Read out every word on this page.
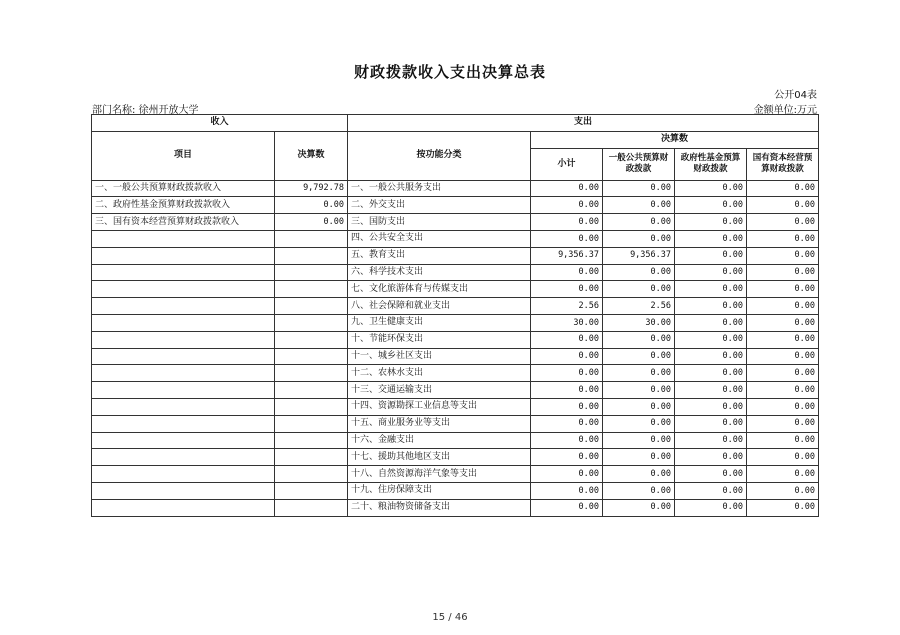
财政拨款收入支出决算总表
公开04表
部门名称: 徐州开放大学	金额单位:万元
收入		支出				
项目	决算数	按功能分类	决算数			
			小计	一般公共预算财政拨款	政府性基金预算财政拨款	国有资本经营预算财政拨款
一、一般公共预算财政拨款收入	9,792.78	一、一般公共服务支出	0.00	0.00	0.00	0.00
二、政府性基金预算财政拨款收入	0.00	二、外交支出	0.00	0.00	0.00	0.00
三、国有资本经营预算财政拨款收入	0.00	三、国防支出	0.00	0.00	0.00	0.00
		四、公共安全支出	0.00	0.00	0.00	0.00
		五、教育支出	9,356.37	9,356.37	0.00	0.00
		六、科学技术支出	0.00	0.00	0.00	0.00
		七、文化旅游体育与传媒支出	0.00	0.00	0.00	0.00
		八、社会保障和就业支出	2.56	2.56	0.00	0.00
		九、卫生健康支出	30.00	30.00	0.00	0.00
		十、节能环保支出	0.00	0.00	0.00	0.00
		十一、城乡社区支出	0.00	0.00	0.00	0.00
		十二、农林水支出	0.00	0.00	0.00	0.00
		十三、交通运输支出	0.00	0.00	0.00	0.00
		十四、资源勘探工业信息等支出	0.00	0.00	0.00	0.00
		十五、商业服务业等支出	0.00	0.00	0.00	0.00
		十六、金融支出	0.00	0.00	0.00	0.00
		十七、援助其他地区支出	0.00	0.00	0.00	0.00
		十八、自然资源海洋气象等支出	0.00	0.00	0.00	0.00
		十九、住房保障支出	0.00	0.00	0.00	0.00
		二十、粮油物资储备支出	0.00	0.00	0.00	0.00
15 / 46
